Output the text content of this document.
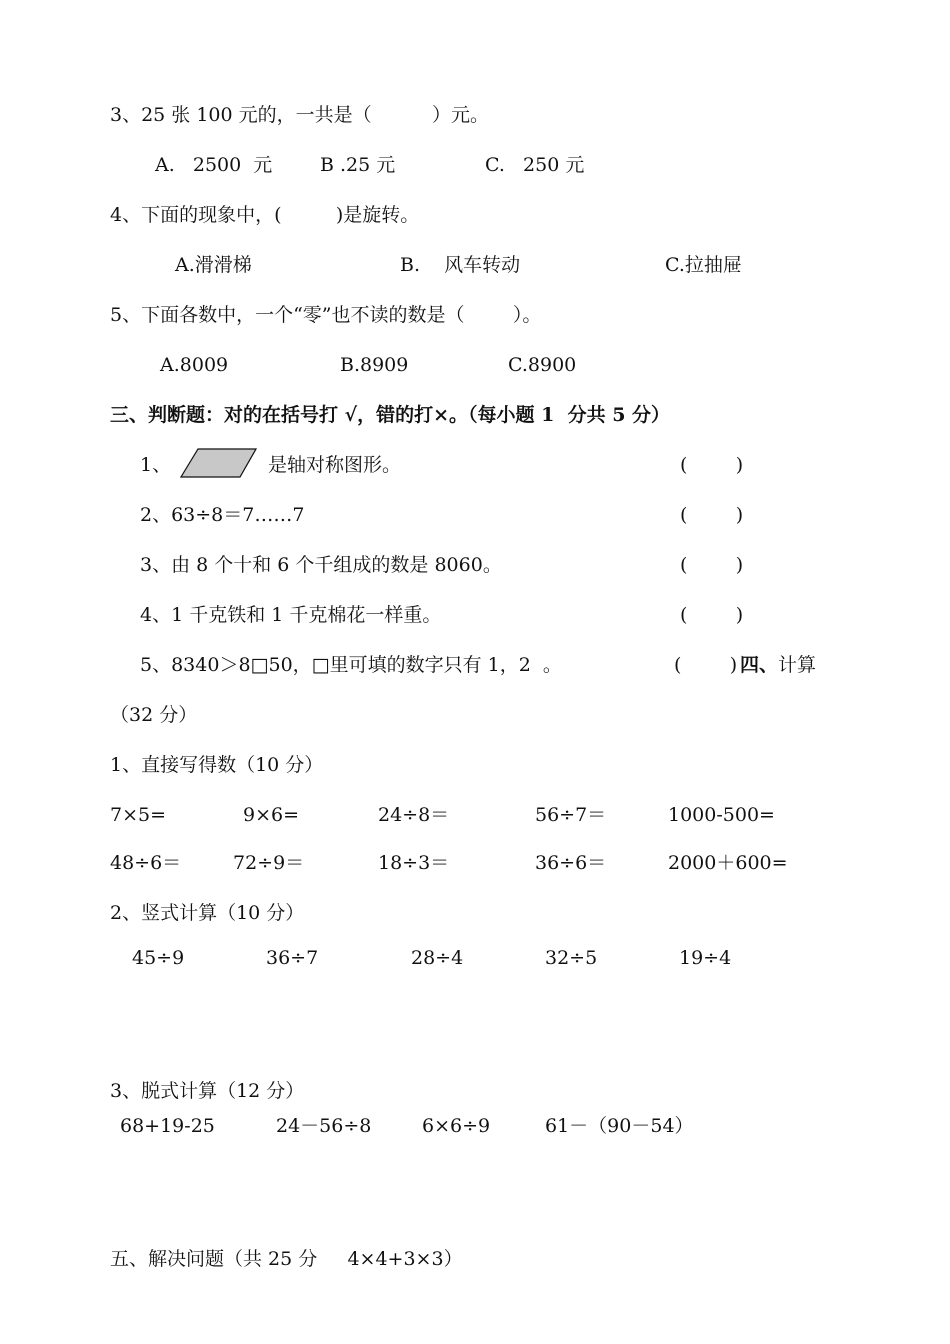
3、25 张 100 元的，一共是（          ）元。
A.   2500  元	B .25 元	C.   250 元
4、下面的现象中，(         )是旋转。
A.滑滑梯	B.    风车转动	C.拉抽屉
5、下面各数中，一个“零”也不读的数是（        ）。
A.8009	B.8909	C.8900
三、判断题：对的在括号打 √，错的打×。（每小题 1  分共 5 分）
1、	是轴对称图形。	(        )
2、63÷8＝7……7	(        )
3、由 8 个十和 6 个千组成的数是 8060。	(        )
4、1 千克铁和 1 千克棉花一样重。	(        )
5、8340＞8□50，□里可填的数字只有 1，2  。	(        ) 四、计算
（32 分）
1、直接写得数（10 分）
7×5=	9×6=	24÷8＝	56÷7＝	1000-500=
48÷6＝	72÷9＝	18÷3＝	36÷6＝	2000＋600=
2、竖式计算（10 分）
45÷9	36÷7	28÷4	32÷5	19÷4
3、脱式计算（12 分）
68+19-25	24－56÷8	6×6÷9	61－（90－54）
五、解决问题（共 25 分     4×4+3×3）
